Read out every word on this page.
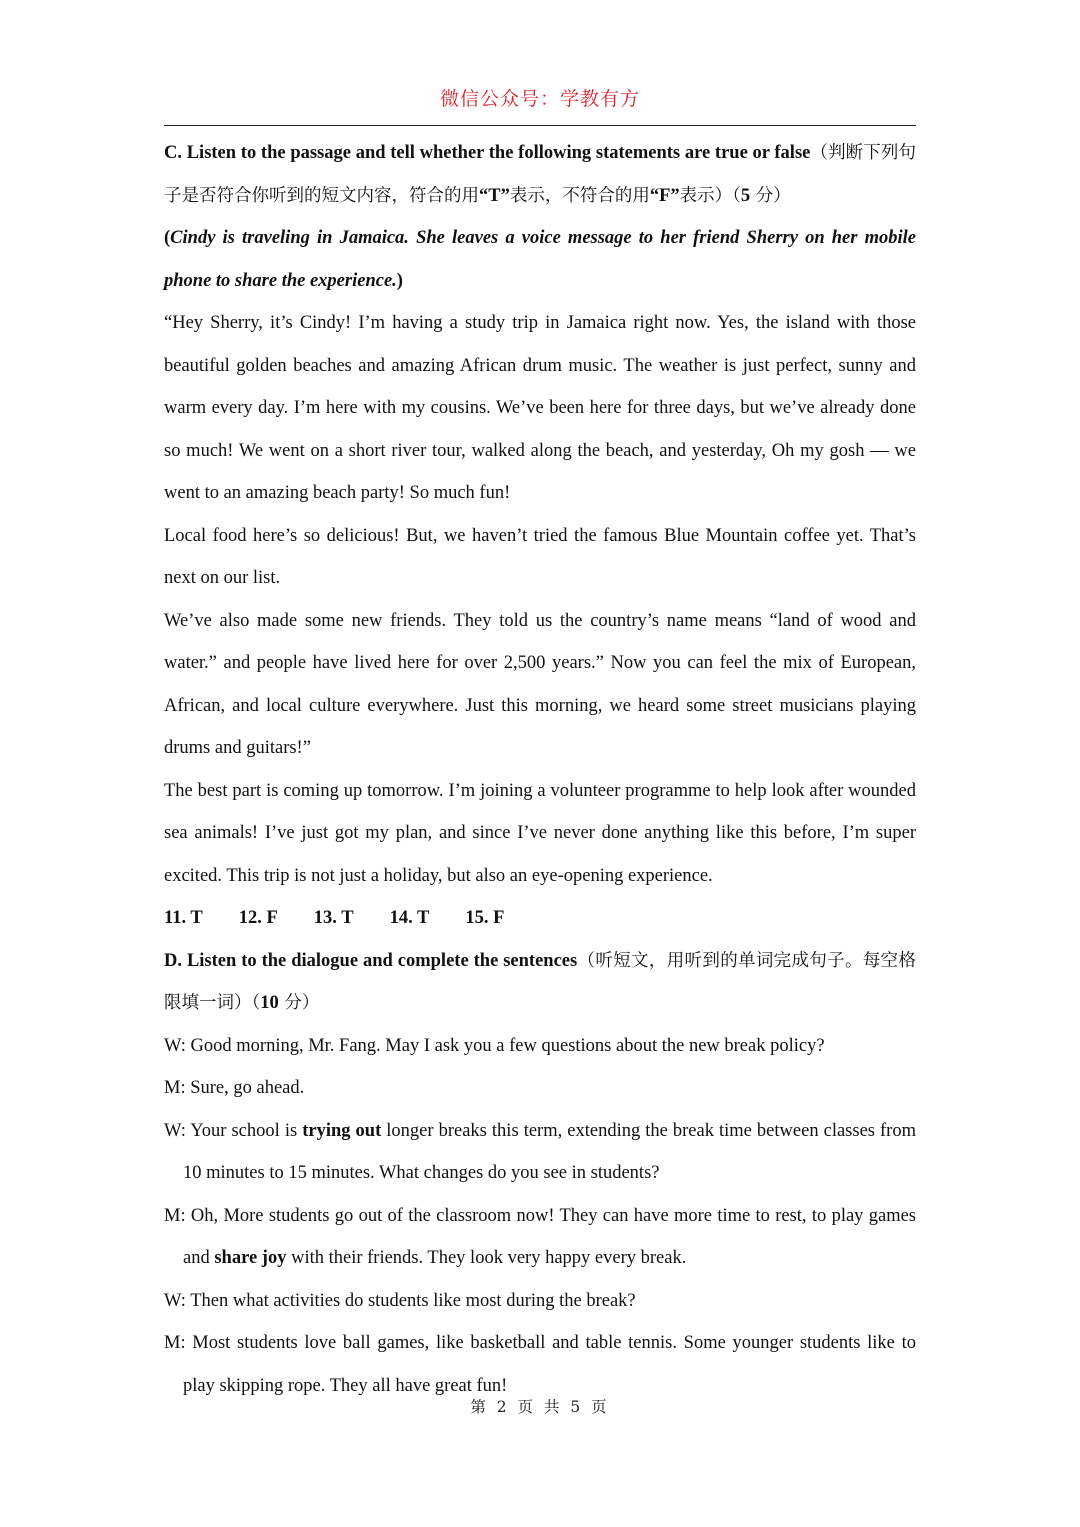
微信公众号：学教有方

C. Listen to the passage and tell whether the following statements are true or false（判断下列句子是否符合你听到的短文内容，符合的用“T”表示，不符合的用“F”表示）（5 分）

(Cindy is traveling in Jamaica. She leaves a voice message to her friend Sherry on her mobile phone to share the experience.)

“Hey Sherry, it’s Cindy! I’m having a study trip in Jamaica right now. Yes, the island with those beautiful golden beaches and amazing African drum music. The weather is just perfect, sunny and warm every day. I’m here with my cousins. We’ve been here for three days, but we’ve already done so much! We went on a short river tour, walked along the beach, and yesterday, Oh my gosh — we went to an amazing beach party! So much fun!

Local food here’s so delicious! But, we haven’t tried the famous Blue Mountain coffee yet. That’s next on our list.

We’ve also made some new friends. They told us the country’s name means “land of wood and water.” and people have lived here for over 2,500 years.” Now you can feel the mix of European, African, and local culture everywhere. Just this morning, we heard some street musicians playing drums and guitars!”

The best part is coming up tomorrow. I’m joining a volunteer programme to help look after wounded sea animals! I’ve just got my plan, and since I’ve never done anything like this before, I’m super excited. This trip is not just a holiday, but also an eye-opening experience.

11. T 12. F 13. T 14. T 15. F

D. Listen to the dialogue and complete the sentences（听短文，用听到的单词完成句子。每空格限填一词）（10 分）

W: Good morning, Mr. Fang. May I ask you a few questions about the new break policy?

M: Sure, go ahead.

W: Your school is trying out longer breaks this term, extending the break time between classes from 10 minutes to 15 minutes. What changes do you see in students?

M: Oh, More students go out of the classroom now! They can have more time to rest, to play games and share joy with their friends. They look very happy every break.

W: Then what activities do students like most during the break?

M: Most students love ball games, like basketball and table tennis. Some younger students like to play skipping rope. They all have great fun!

第 2 页 共 5 页
